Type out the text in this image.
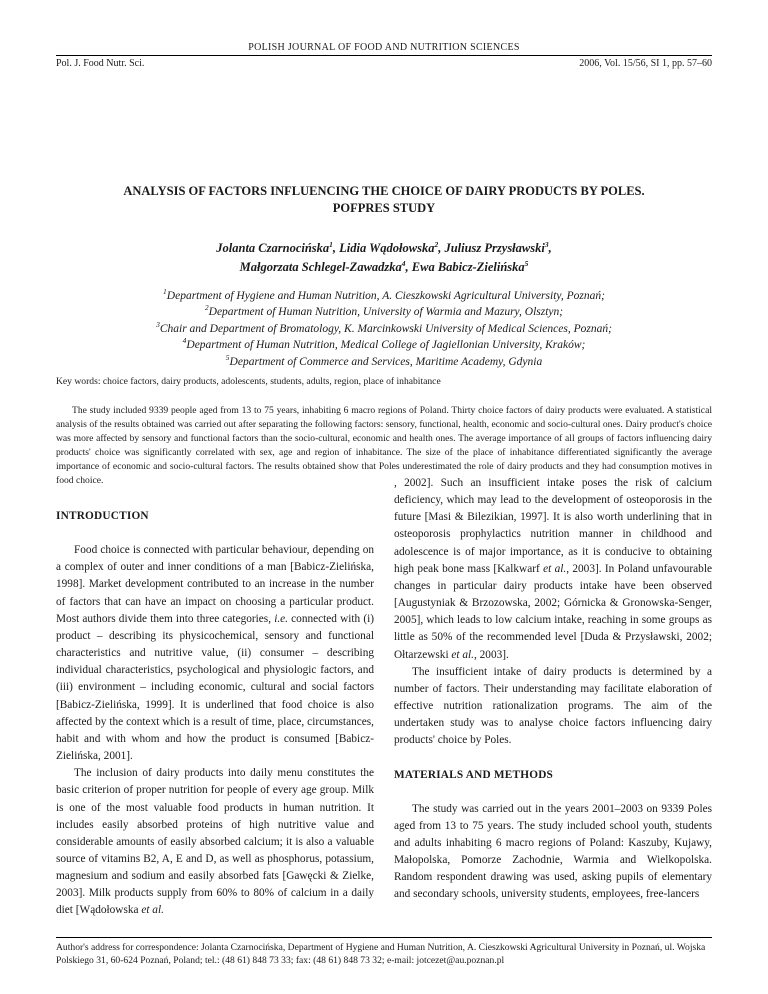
POLISH JOURNAL OF FOOD AND NUTRITION SCIENCES
Pol. J. Food Nutr. Sci.	2006, Vol. 15/56, SI 1, pp. 57–60
ANALYSIS OF FACTORS INFLUENCING THE CHOICE OF DAIRY PRODUCTS BY POLES.
POFPRES STUDY
Jolanta Czarnocińska$^1$, Lidia Wądołowska$^2$, Juliusz Przysławski$^3$,
Małgorzata Schlegel-Zawadzka$^4$, Ewa Babicz-Zielińska$^5$
$^1$Department of Hygiene and Human Nutrition, A. Cieszkowski Agricultural University, Poznań;
$^2$Department of Human Nutrition, University of Warmia and Mazury, Olsztyn;
$^3$Chair and Department of Bromatology, K. Marcinkowski University of Medical Sciences, Poznań;
$^4$Department of Human Nutrition, Medical College of Jagiellonian University, Kraków;
$^5$Department of Commerce and Services, Maritime Academy, Gdynia
Key words: choice factors, dairy products, adolescents, students, adults, region, place of inhabitance
The study included 9339 people aged from 13 to 75 years, inhabiting 6 macro regions of Poland. Thirty choice factors of dairy products were evaluated. A statistical analysis of the results obtained was carried out after separating the following factors: sensory, functional, health, economic and socio-cultural ones. Dairy product's choice was more affected by sensory and functional factors than the socio-cultural, economic and health ones. The average importance of all groups of factors influencing dairy products' choice was significantly correlated with sex, age and region of inhabitance. The size of the place of inhabitance differentiated significantly the average importance of economic and socio-cultural factors. The results obtained show that Poles underestimated the role of dairy products and they had consumption motives in food choice.
INTRODUCTION

Food choice is connected with particular behaviour, depending on a complex of outer and inner conditions of a man [Babicz-Zielińska, 1998]. Market development contributed to an increase in the number of factors that can have an impact on choosing a particular product. Most authors divide them into three categories, i.e. connected with (i) product – describing its physicochemical, sensory and functional characteristics and nutritive value, (ii) consumer – describing individual characteristics, psychological and physiologic factors, and (iii) environment – including economic, cultural and social factors [Babicz-Zielińska, 1999]. It is underlined that food choice is also affected by the context which is a result of time, place, circumstances, habit and with whom and how the product is consumed [Babicz-Zielińska, 2001].

The inclusion of dairy products into daily menu constitutes the basic criterion of proper nutrition for people of every age group. Milk is one of the most valuable food products in human nutrition. It includes easily absorbed proteins of high nutritive value and considerable amounts of easily absorbed calcium; it is also a valuable source of vitamins B2, A, E and D, as well as phosphorus, potassium, magnesium and sodium and easily absorbed fats [Gawęcki & Zielke, 2003]. Milk products supply from 60% to 80% of calcium in a daily diet [Wądołowska et al.

, 2002]. Such an insufficient intake poses the risk of calcium deficiency, which may lead to the development of osteoporosis in the future [Masi & Bilezikian, 1997]. It is also worth underlining that in osteoporosis prophylactics nutrition manner in childhood and adolescence is of major importance, as it is conducive to obtaining high peak bone mass [Kalkwarf et al., 2003]. In Poland unfavourable changes in particular dairy products intake have been observed [Augustyniak & Brzozowska, 2002; Górnicka & Gronowska-Senger, 2005], which leads to low calcium intake, reaching in some groups as little as 50% of the recommended level [Duda & Przysławski, 2002; Ołtarzewski et al., 2003].

The insufficient intake of dairy products is determined by a number of factors. Their understanding may facilitate elaboration of effective nutrition rationalization programs. The aim of the undertaken study was to analyse choice factors influencing dairy products' choice by Poles.

MATERIALS AND METHODS

The study was carried out in the years 2001–2003 on 9339 Poles aged from 13 to 75 years. The study included school youth, students and adults inhabiting 6 macro regions of Poland: Kaszuby, Kujawy, Małopolska, Pomorze Zachodnie, Warmia and Wielkopolska. Random respondent drawing was used, asking pupils of elementary and secondary schools, university students, employees, free-lancers

Author's address for correspondence: Jolanta Czarnocińska, Department of Hygiene and Human Nutrition, A. Cieszkowski Agricultural University in Poznań, ul. Wojska Polskiego 31, 60-624 Poznań, Poland; tel.: (48 61) 848 73 33; fax: (48 61) 848 73 32; e-mail: jotcezet@au.poznan.pl
